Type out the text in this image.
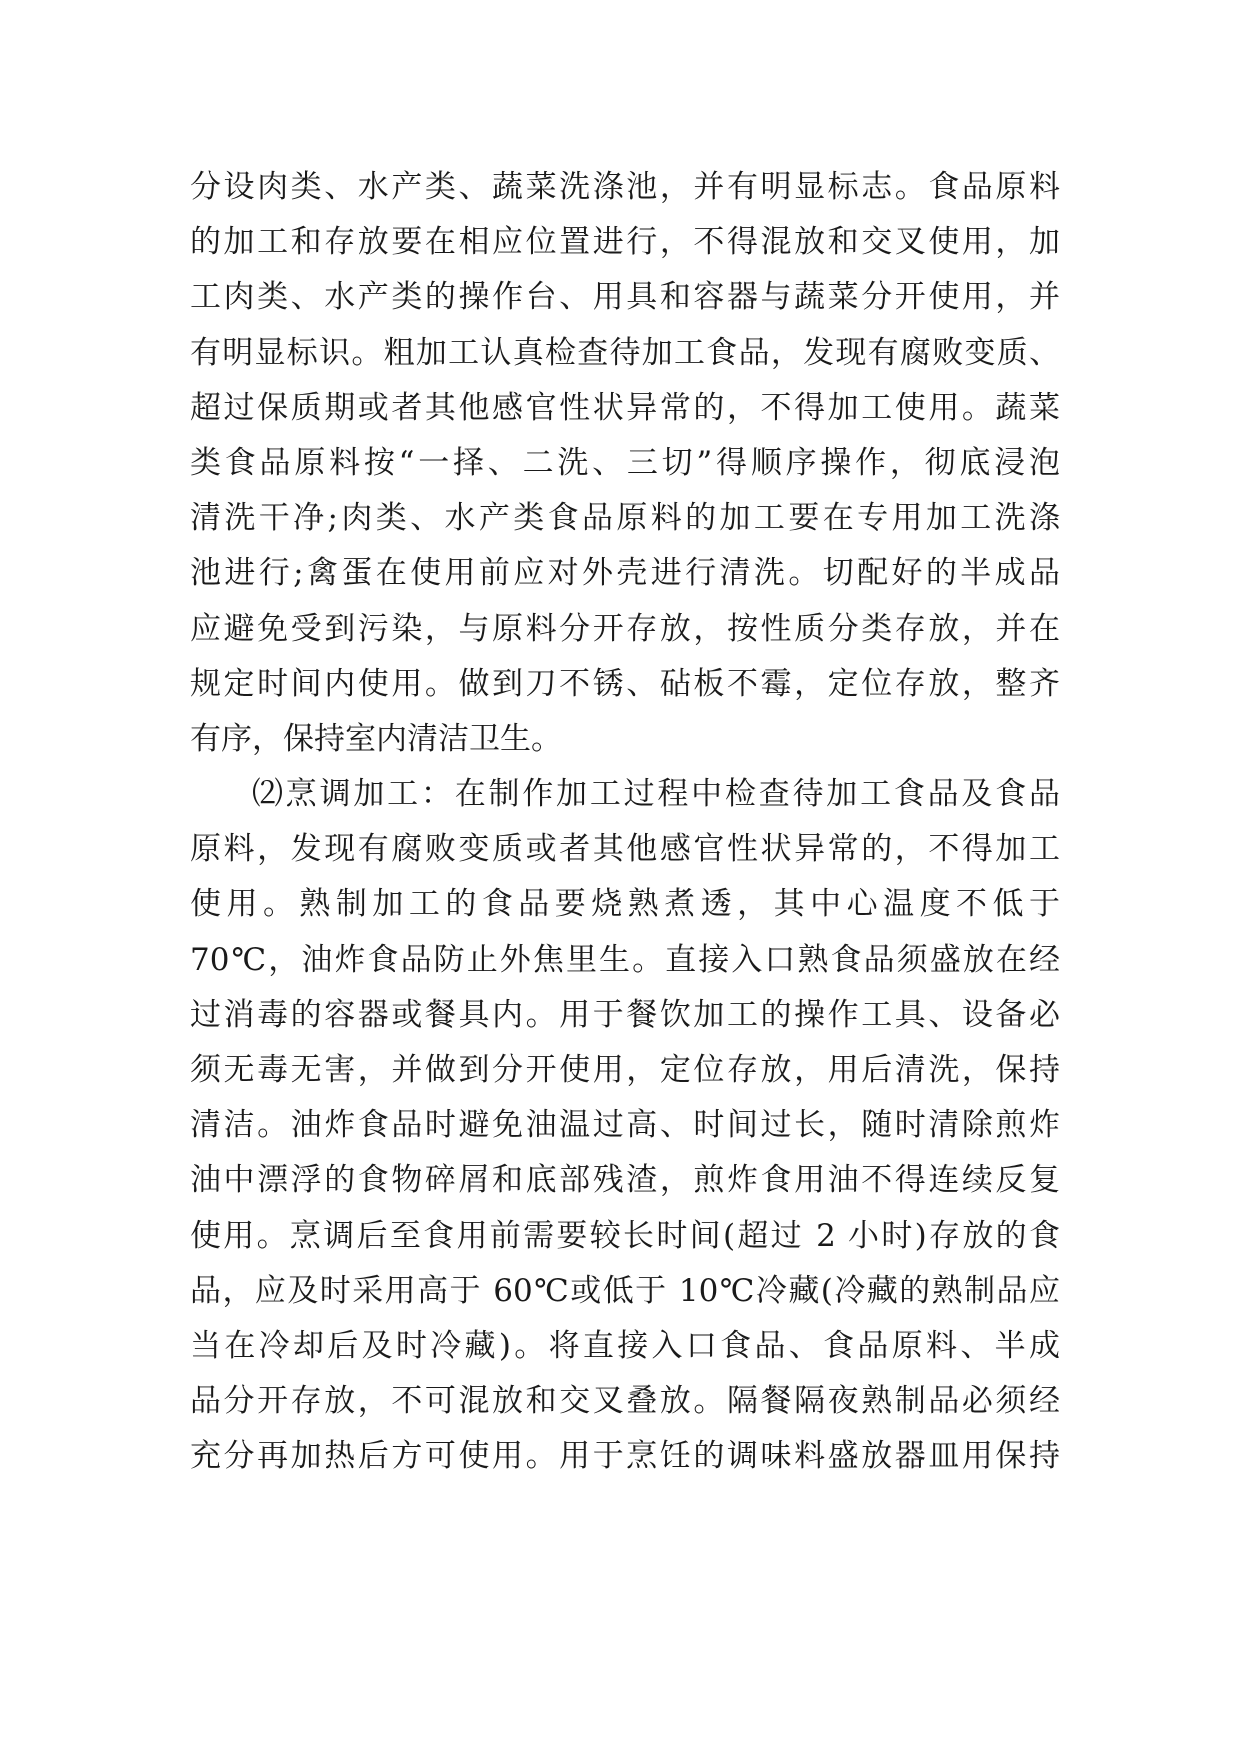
分设肉类、水产类、蔬菜洗涤池，并有明显标志。食品原料
的加工和存放要在相应位置进行，不得混放和交叉使用，加
工肉类、水产类的操作台、用具和容器与蔬菜分开使用，并
有明显标识。粗加工认真检查待加工食品，发现有腐败变质、
超过保质期或者其他感官性状异常的，不得加工使用。蔬菜
类食品原料按“一择、二洗、三切”得顺序操作，彻底浸泡
清洗干净;肉类、水产类食品原料的加工要在专用加工洗涤
池进行;禽蛋在使用前应对外壳进行清洗。切配好的半成品
应避免受到污染，与原料分开存放，按性质分类存放，并在
规定时间内使用。做到刀不锈、砧板不霉，定位存放，整齐
有序，保持室内清洁卫生。
⑵烹调加工：在制作加工过程中检查待加工食品及食品
原料，发现有腐败变质或者其他感官性状异常的，不得加工
使用。熟制加工的食品要烧熟煮透，其中心温度不低于
70℃，油炸食品防止外焦里生。直接入口熟食品须盛放在经
过消毒的容器或餐具内。用于餐饮加工的操作工具、设备必
须无毒无害，并做到分开使用，定位存放，用后清洗，保持
清洁。油炸食品时避免油温过高、时间过长，随时清除煎炸
油中漂浮的食物碎屑和底部残渣，煎炸食用油不得连续反复
使用。烹调后至食用前需要较长时间(超过 2 小时)存放的食
品，应及时采用高于 60℃或低于 10℃冷藏(冷藏的熟制品应
当在冷却后及时冷藏)。将直接入口食品、食品原料、半成
品分开存放，不可混放和交叉叠放。隔餐隔夜熟制品必须经
充分再加热后方可使用。用于烹饪的调味料盛放器皿用保持
